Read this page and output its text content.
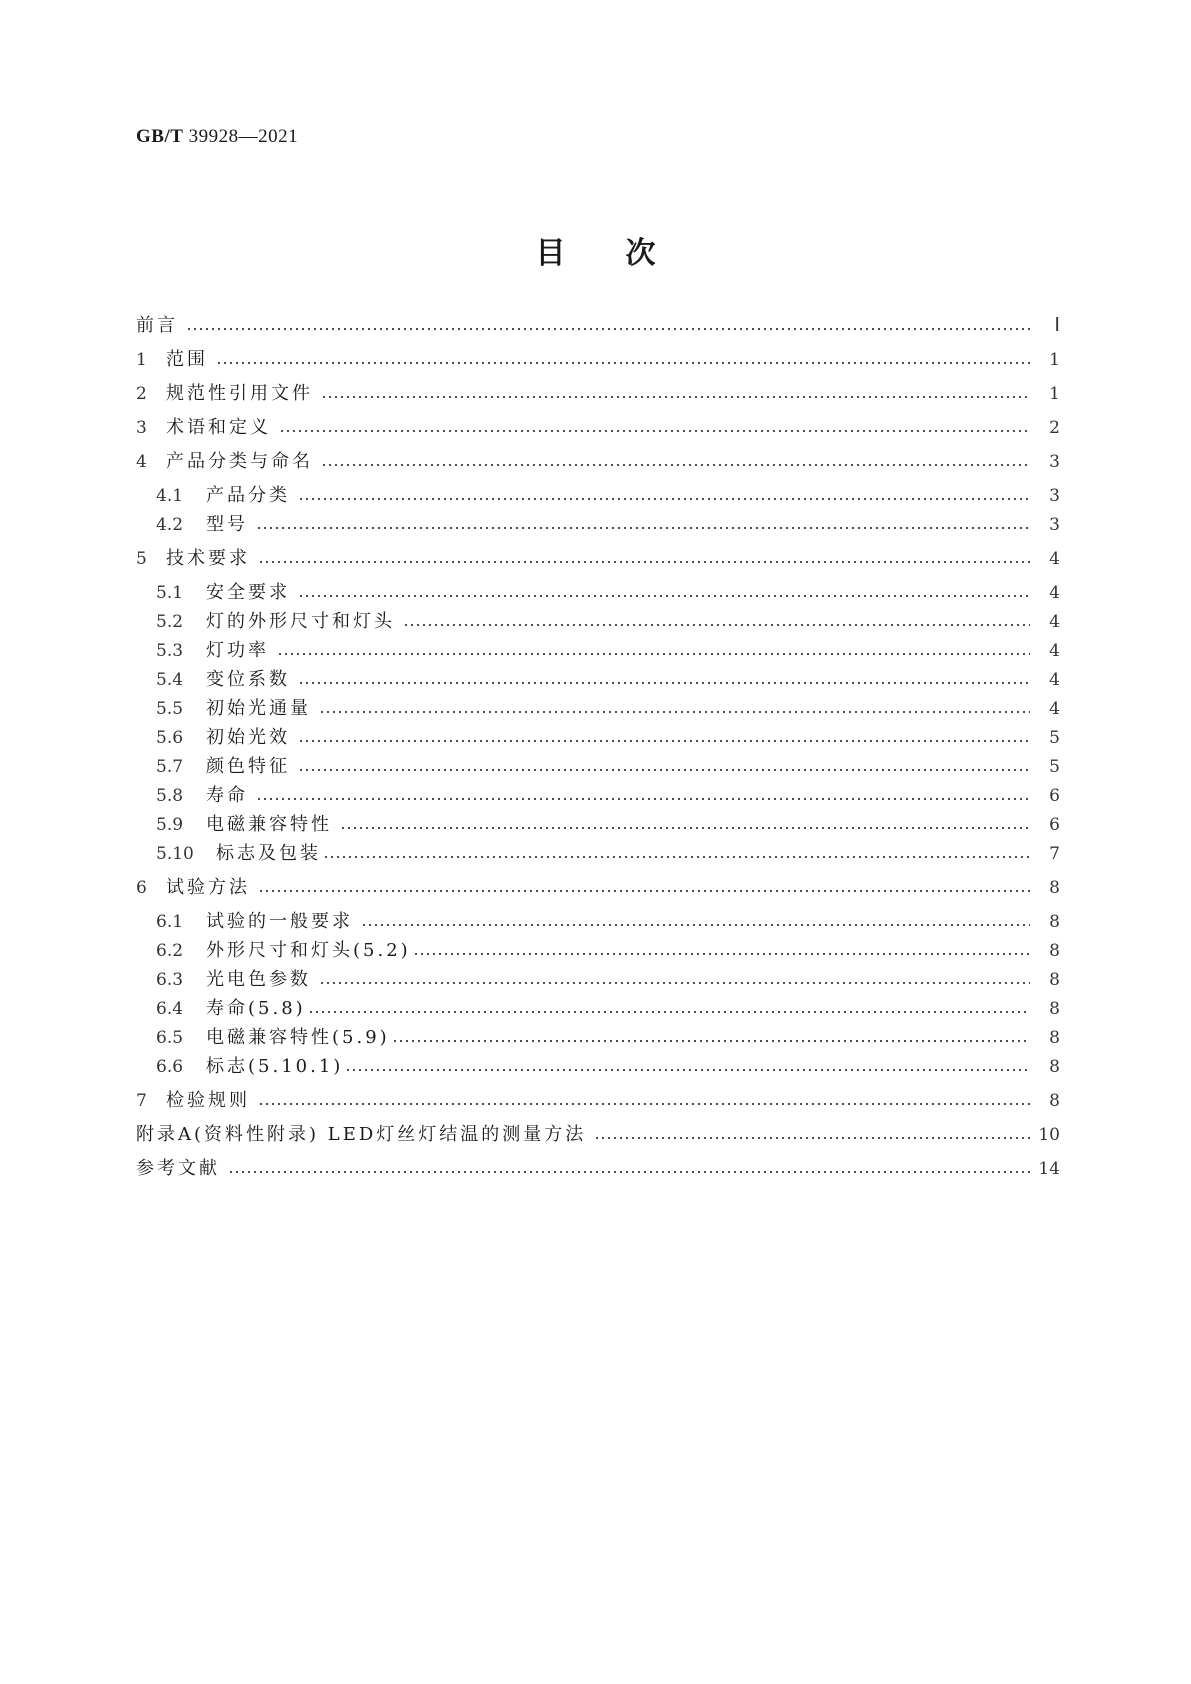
GB/T 39928—2021
目次
前言	Ⅰ
1	范围	1
2	规范性引用文件	1
3	术语和定义	2
4	产品分类与命名	3
4.1	产品分类	3
4.2	型号	3
5	技术要求	4
5.1	安全要求	4
5.2	灯的外形尺寸和灯头	4
5.3	灯功率	4
5.4	变位系数	4
5.5	初始光通量	4
5.6	初始光效	5
5.7	颜色特征	5
5.8	寿命	6
5.9	电磁兼容特性	6
5.10	标志及包装	7
6	试验方法	8
6.1	试验的一般要求	8
6.2	外形尺寸和灯头(5.2)	8
6.3	光电色参数	8
6.4	寿命(5.8)	8
6.5	电磁兼容特性(5.9)	8
6.6	标志(5.10.1)	8
7	检验规则	8
附录A(资料性附录) LED灯丝灯结温的测量方法	10
参考文献	14
